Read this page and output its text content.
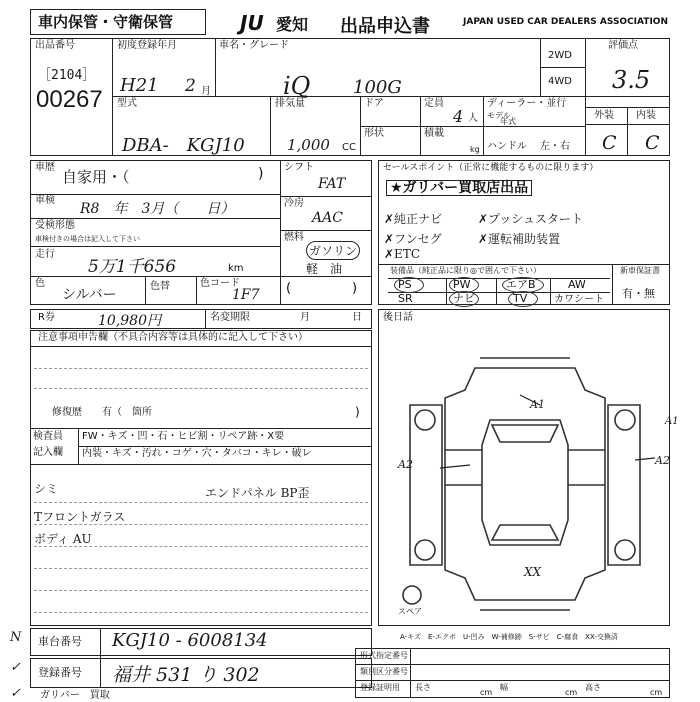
車内保管・守衛保管	JU 愛知 出品申込書	JAPAN USED CAR DEALERS ASSOCIATION
出品番号
［2104］
00267
初度登録年月
H21 2 月
車名・グレード
iQ 100G
2WD
4WD
評価点
3.5
型式
DBA-　KGJ10
排気量
1,000 CC
ドア
形状
定員
4 人
積載
kg
ディーラー・並行
モデル
年式
ハンドル 左・右
外装 内装
C C
車歴
自家用・（	)
車検
R8　年　3月（　　日）
受検形態
車検付きの場合は記入して下さい
走行
5万1千656	km
色
シルバー
色替	色コード
1F7
シフト
FAT
冷房
AAC
燃料
ガソリン
軽　油
(	)
セールスポイント（正常に機能するものに限ります）
★ガリバー買取店出品
✗純正ナビ
✗フンセグ
✗ETC
✗プッシュスタート
✗運転補助装置
装備品（純正品に限り◎で囲んで下さい）	新車保証書
有・無
PS	PW	エアB	AW
SR	ナビ	TV	カワシート
R券	10,980円	名変期限	月	日 後日話
注意事項申告欄（不具合内容等は具体的に記入して下さい）
修復歴　　有（　箇所	)
検査員
記入欄
FW・キズ・凹・石・ヒビ割・リペア跡・X要
内装・キズ・汚れ・コゲ・穴・タバコ・キレ・破レ
シミ	エンドパネル BP歪
Tフロントガラス
ボディ AU
A1
A1
A2	A2
XX
スペア
A-キズ　E-エクボ　U-凹み　W-補修跡　S-サビ　C-腐食　XX-交換済
N
✓
✓
車台番号 KGJ10 - 6008134
登録番号 福井 531 り 302
形式指定番号
類別区分番号
登録証明用 長さ
cm
幅
cm
高さ
cm
ガリバー　買取
